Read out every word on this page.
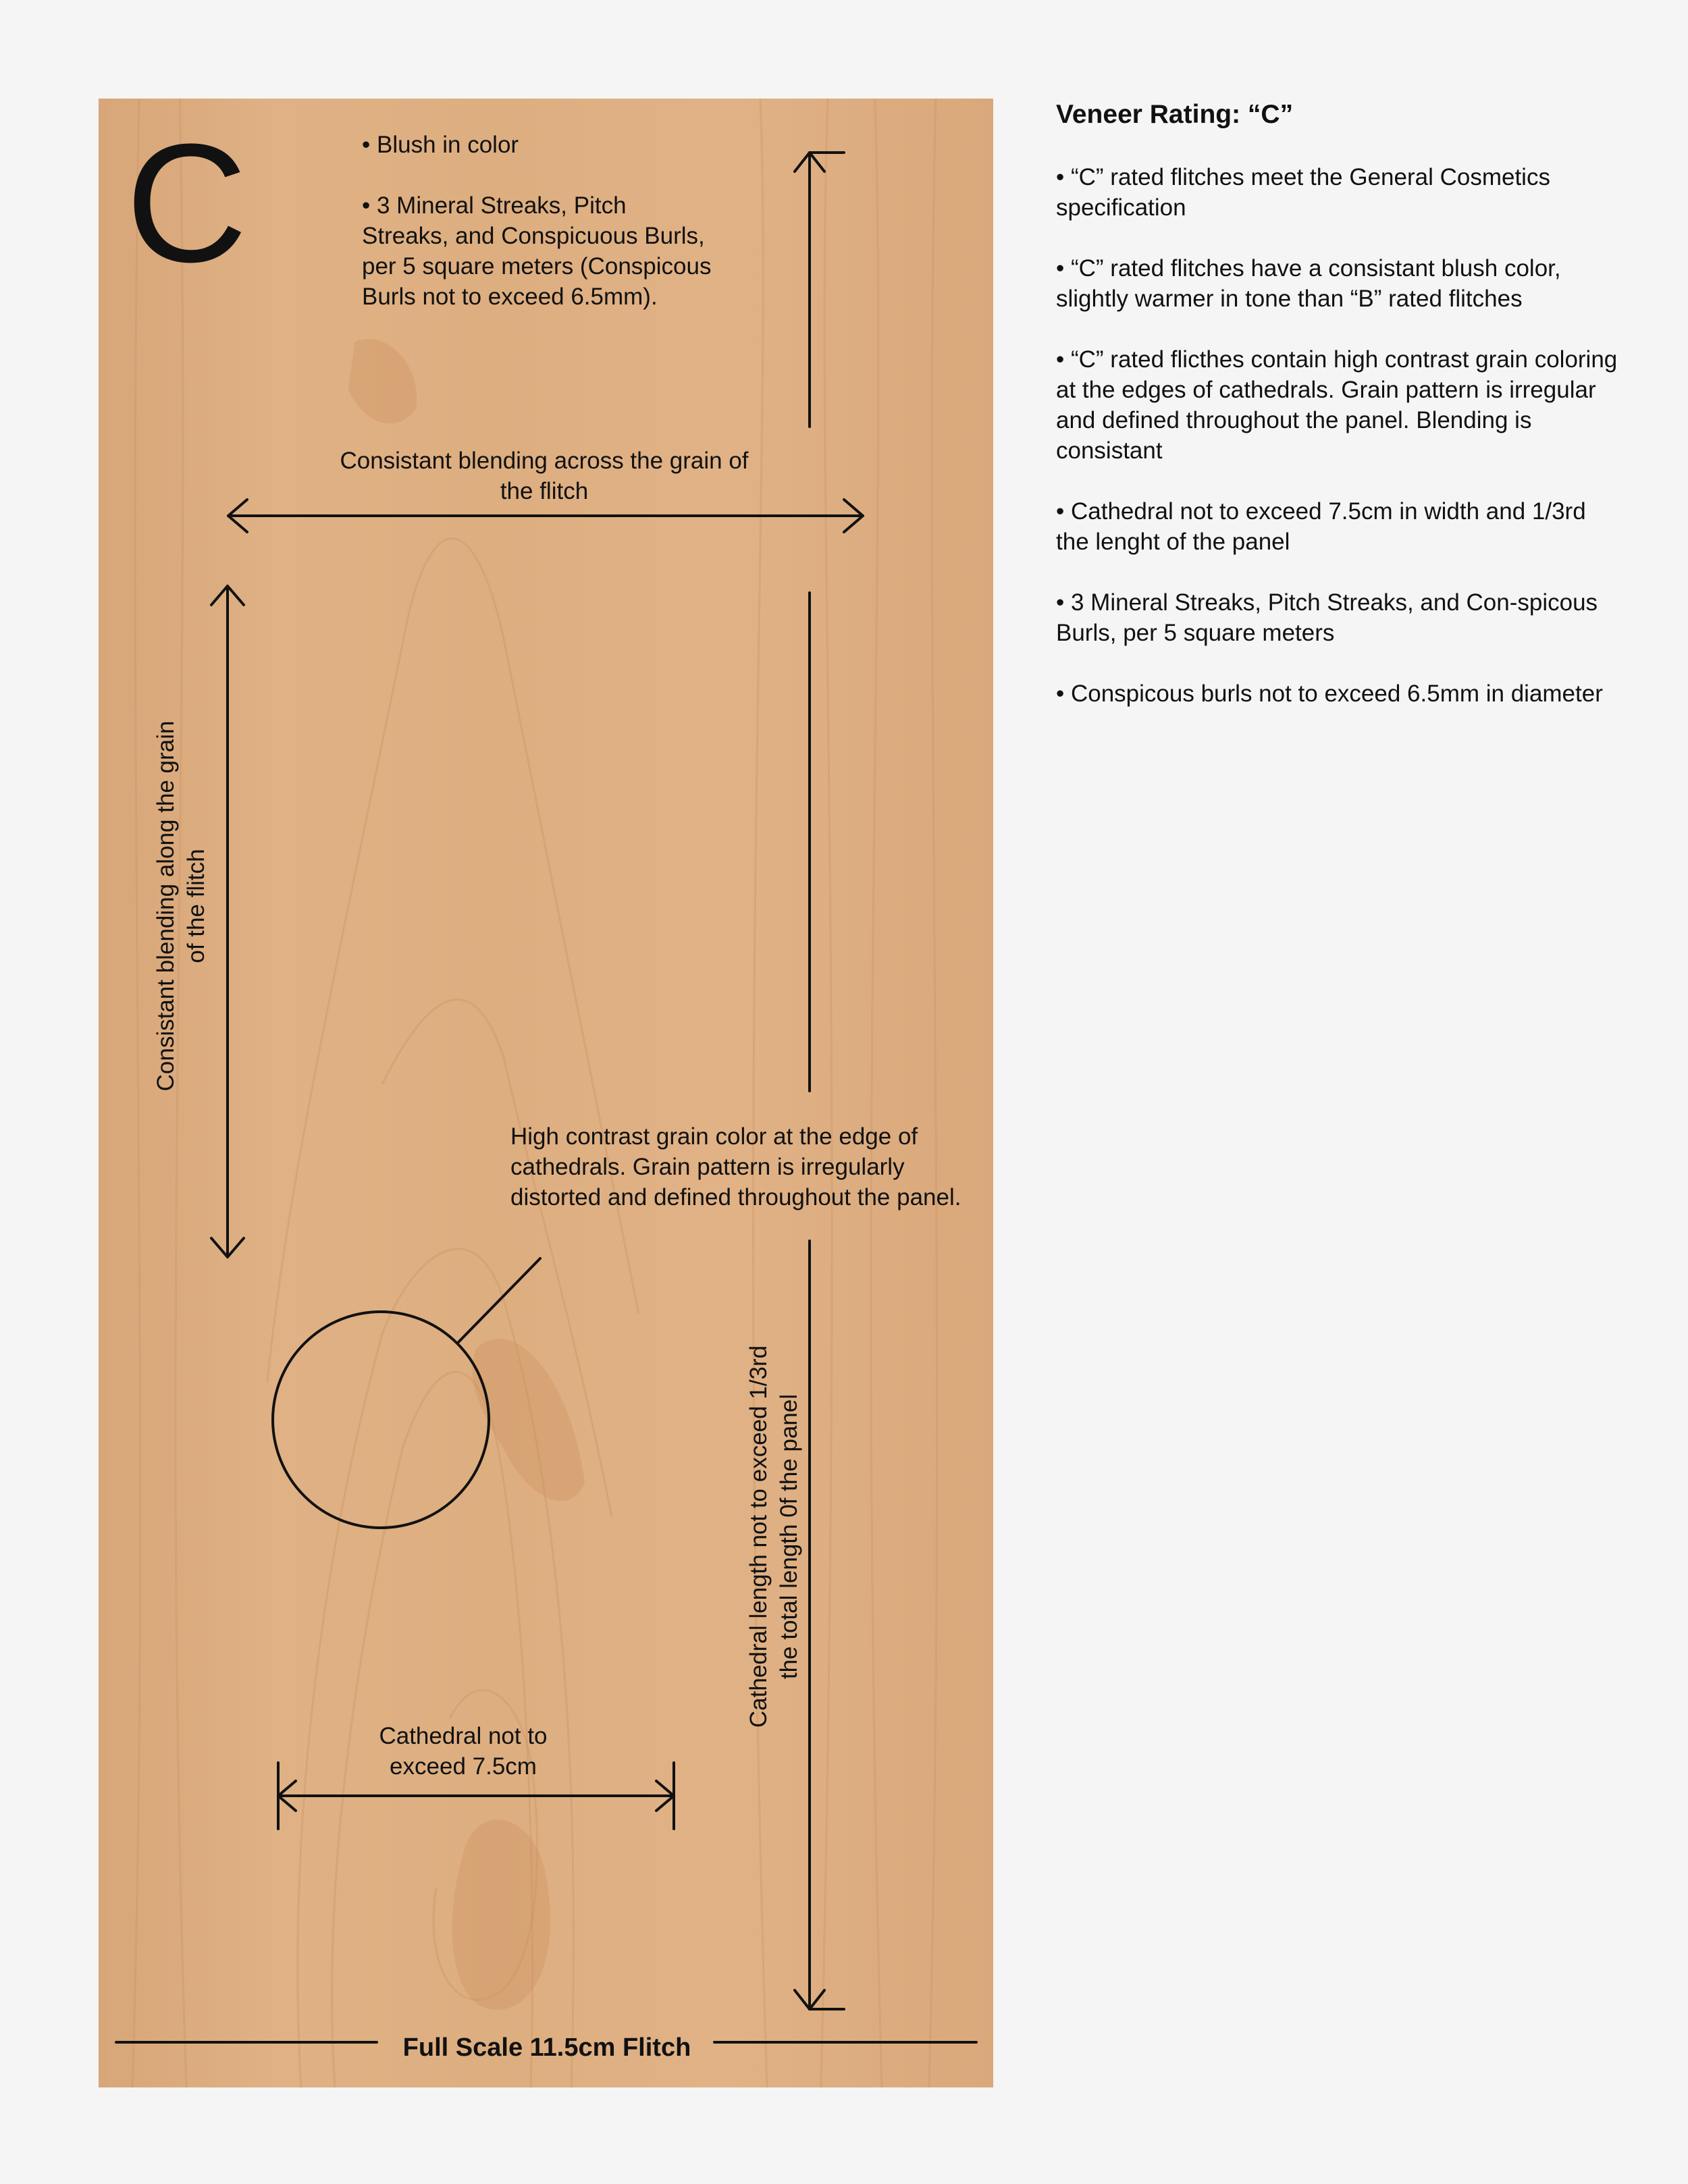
C	• Blush in color

• 3 Mineral Streaks, Pitch Streaks, and Conspicuous Burls, per 5 square meters (Conspicous Burls not to exceed 6.5mm).

Consistant blending across the grain of the flitch
Consistant blending along the grain of the flitch
High contrast grain color at the edge of cathedrals. Grain pattern is irregularly distorted and defined throughout the panel.
Cathedral not to exceed 7.5cm
Cathedral length not to exceed 1/3rd the total length 0f the panel
Full Scale 11.5cm Flitch
Veneer Rating: “C”
• “C” rated flitches meet the General Cosmetics specification
• “C” rated flitches have a consistant blush color, slightly warmer in tone than “B” rated flitches
• “C” rated flicthes contain high contrast grain coloring at the edges of cathedrals. Grain pattern is irregular and defined throughout the panel. Blending is consistant
• Cathedral not to exceed 7.5cm in width and 1/3rd the lenght of the panel
• 3 Mineral Streaks, Pitch Streaks, and Con-spicous Burls, per 5 square meters
• Conspicous burls not to exceed 6.5mm in diameter
